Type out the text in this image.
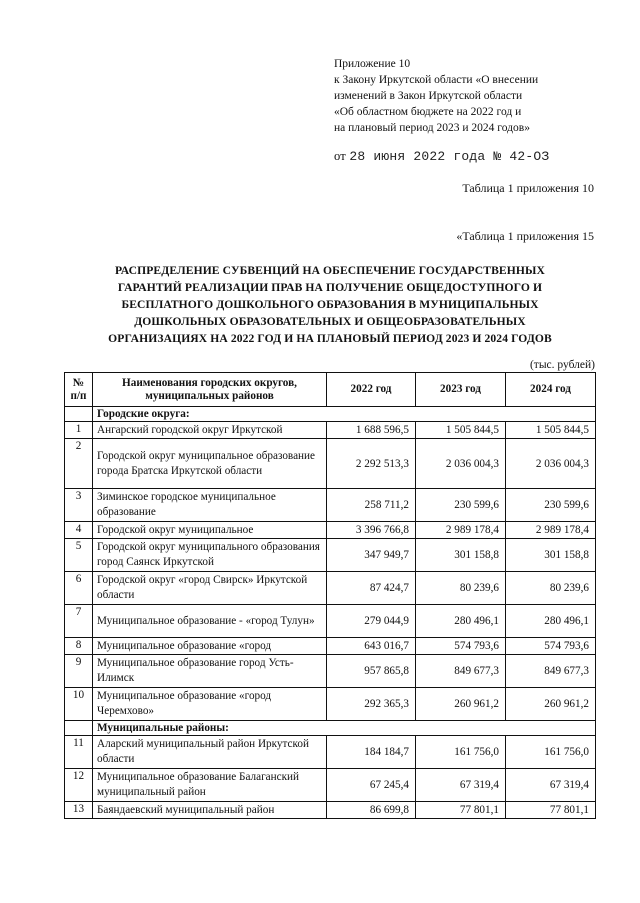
Приложение 10
к Закону Иркутской области «О внесении
изменений в Закон Иркутской области
«Об областном бюджете на 2022 год и
на плановый период 2023 и 2024 годов»
от 28 июня 2022 года № 42-ОЗ
Таблица 1 приложения 10
«Таблица 1 приложения 15
РАСПРЕДЕЛЕНИЕ СУБВЕНЦИЙ НА ОБЕСПЕЧЕНИЕ ГОСУДАРСТВЕННЫХ
ГАРАНТИЙ РЕАЛИЗАЦИИ ПРАВ НА ПОЛУЧЕНИЕ ОБЩЕДОСТУПНОГО И
БЕСПЛАТНОГО ДОШКОЛЬНОГО ОБРАЗОВАНИЯ В МУНИЦИПАЛЬНЫХ
ДОШКОЛЬНЫХ ОБРАЗОВАТЕЛЬНЫХ И ОБЩЕОБРАЗОВАТЕЛЬНЫХ
ОРГАНИЗАЦИЯХ НА 2022 ГОД И НА ПЛАНОВЫЙ ПЕРИОД 2023 И 2024 ГОДОВ
(тыс. рублей)
№ п/п	Наименования городских округов, муниципальных районов	2022 год	2023 год	2024 год
	Городские округа:			
1	Ангарский городской округ Иркутской	1 688 596,5	1 505 844,5	1 505 844,5
2	Городской округ муниципальное образование города Братска Иркутской области	2 292 513,3	2 036 004,3	2 036 004,3
3	Зиминское городское муниципальное образование	258 711,2	230 599,6	230 599,6
4	Городской округ муниципальное	3 396 766,8	2 989 178,4	2 989 178,4
5	Городской округ муниципального образования город Саянск Иркутской	347 949,7	301 158,8	301 158,8
6	Городской округ «город Свирск» Иркутской области	87 424,7	80 239,6	80 239,6
7	Муниципальное образование - «город Тулун»	279 044,9	280 496,1	280 496,1
8	Муниципальное образование «город	643 016,7	574 793,6	574 793,6
9	Муниципальное образование город Усть-Илимск	957 865,8	849 677,3	849 677,3
10	Муниципальное образование «город Черемхово»	292 365,3	260 961,2	260 961,2
	Муниципальные районы:			
11	Аларский муниципальный район Иркутской области	184 184,7	161 756,0	161 756,0
12	Муниципальное образование Балаганский муниципальный район	67 245,4	67 319,4	67 319,4
13	Баяндаевский муниципальный район	86 699,8	77 801,1	77 801,1
